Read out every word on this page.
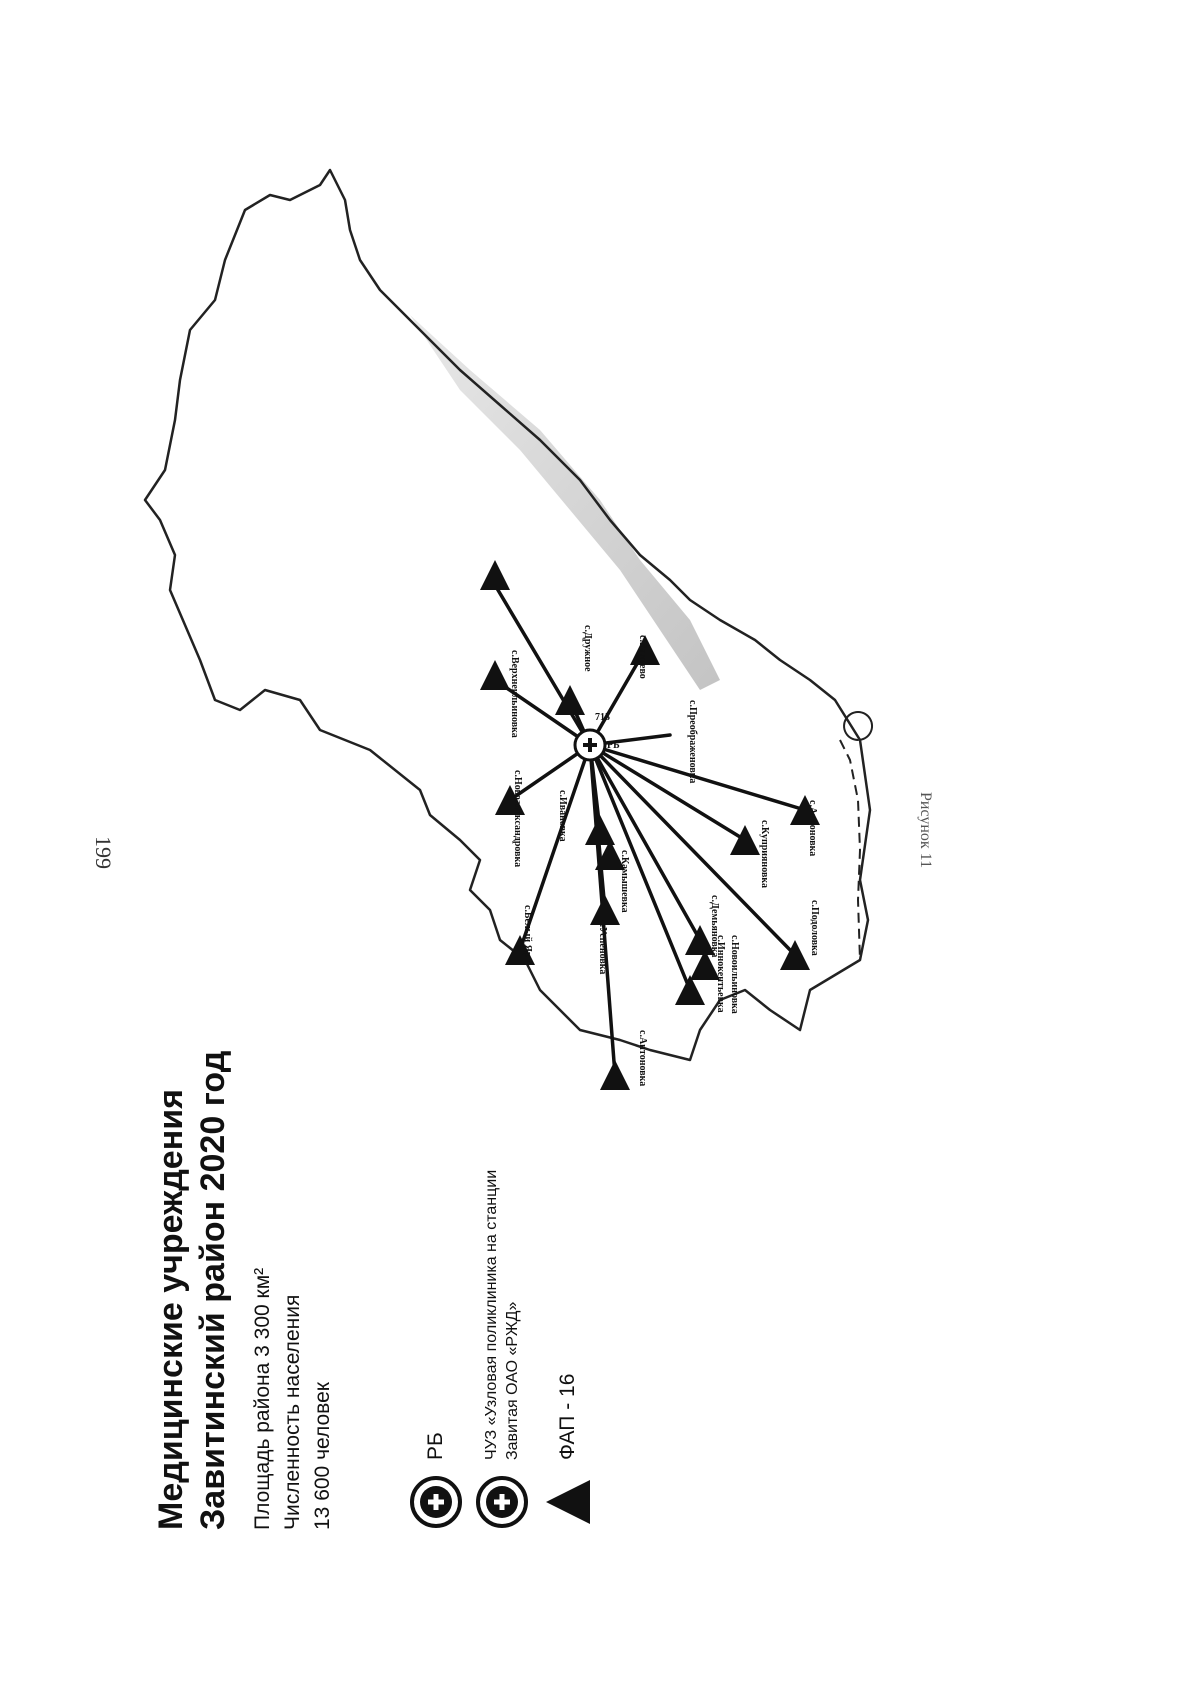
199
РБ
715
с.Антоновка
с.Белый Яр	с.Успеновка
с.Новоалександровка
с.Валуево
с.Куприяновка
с.Преображеновка
с.Иннокентьевка
с.Демьяновка	с.Подоловка
с.Камышевка
с.Антоновка
с.Верхнеильиновка
с.Дружное
с.Новоильиновка
с.Ивановка
Медицинские учреждения Завитинский район 2020 год Площадь района 3 300 км² Численность населения 13 600 человек	РБ ЧУЗ «Узловая поликлиника на станции Завитая ОАО «РЖД» ФАП - 16
Рисунок 11
